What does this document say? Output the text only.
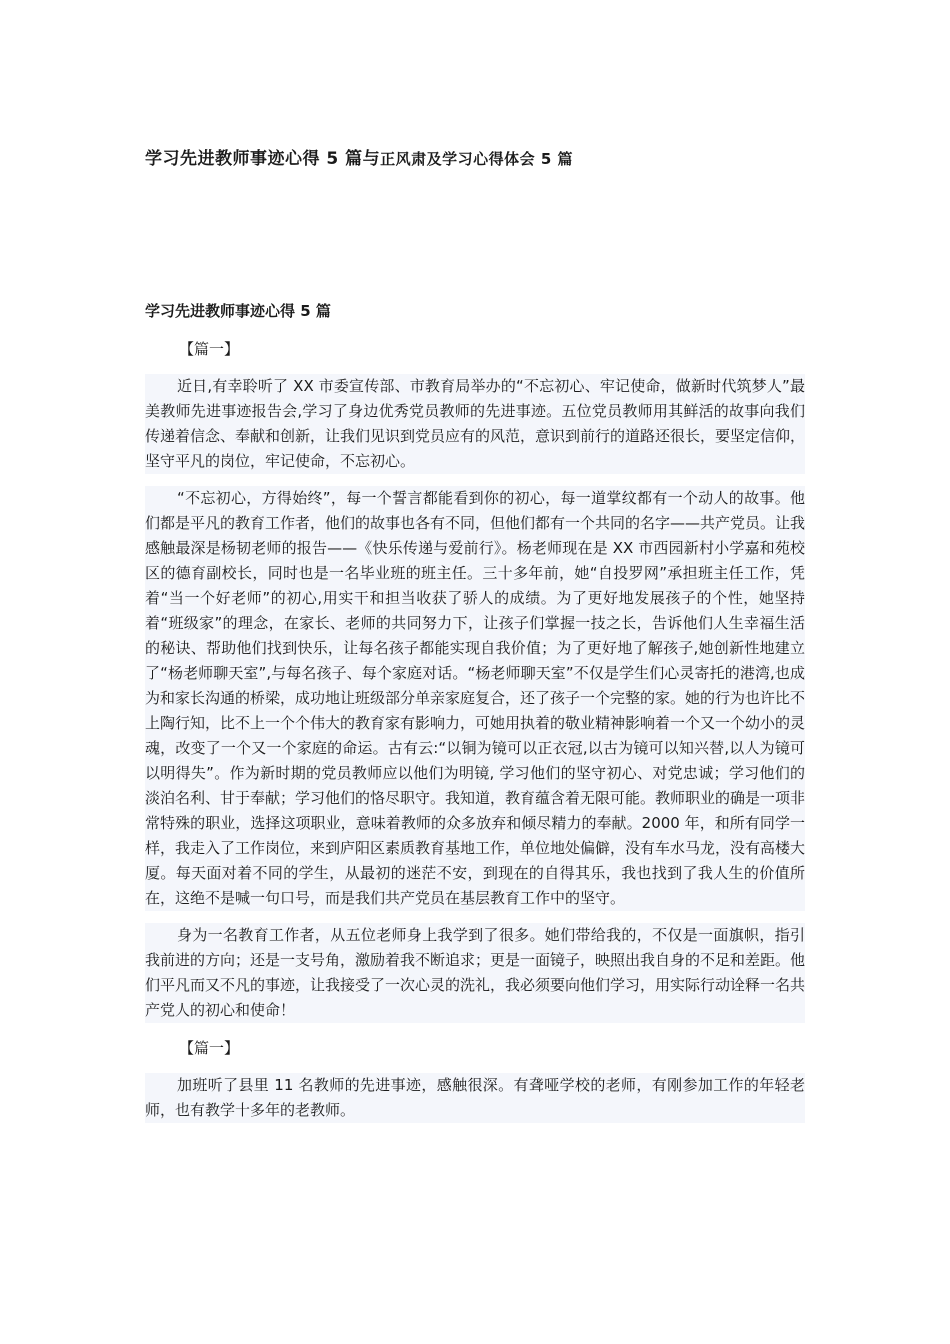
学习先进教师事迹心得 5 篇与正风肃及学习心得体会 5 篇
学习先进教师事迹心得 5 篇
【篇一】

近日,有幸聆听了 XX 市委宣传部、市教育局举办的“不忘初心、牢记使命，做新时代筑梦人”最美教师先进事迹报告会,学习了身边优秀党员教师的先进事迹。五位党员教师用其鲜活的故事向我们传递着信念、奉献和创新，让我们见识到党员应有的风范，意识到前行的道路还很长，要坚定信仰，坚守平凡的岗位，牢记使命，不忘初心。

“不忘初心，方得始终”，每一个誓言都能看到你的初心，每一道掌纹都有一个动人的故事。他们都是平凡的教育工作者，他们的故事也各有不同，但他们都有一个共同的名字——共产党员。让我感触最深是杨韧老师的报告——《快乐传递与爱前行》。杨老师现在是 XX 市西园新村小学嘉和苑校区的德育副校长，同时也是一名毕业班的班主任。三十多年前，她“自投罗网”承担班主任工作，凭着“当一个好老师”的初心,用实干和担当收获了骄人的成绩。为了更好地发展孩子的个性，她坚持着“班级家”的理念，在家长、老师的共同努力下，让孩子们掌握一技之长，告诉他们人生幸福生活的秘诀、帮助他们找到快乐，让每名孩子都能实现自我价值；为了更好地了解孩子,她创新性地建立了“杨老师聊天室”,与每名孩子、每个家庭对话。“杨老师聊天室”不仅是学生们心灵寄托的港湾,也成为和家长沟通的桥梁，成功地让班级部分单亲家庭复合，还了孩子一个完整的家。她的行为也许比不上陶行知，比不上一个个伟大的教育家有影响力，可她用执着的敬业精神影响着一个又一个幼小的灵魂，改变了一个又一个家庭的命运。古有云:“以铜为镜可以正衣冠,以古为镜可以知兴替,以人为镜可以明得失”。作为新时期的党员教师应以他们为明镜, 学习他们的坚守初心、对党忠诚；学习他们的淡泊名利、甘于奉献；学习他们的恪尽职守。我知道，教育蕴含着无限可能。教师职业的确是一项非常特殊的职业，选择这项职业，意味着教师的众多放弃和倾尽精力的奉献。2000 年，和所有同学一样，我走入了工作岗位，来到庐阳区素质教育基地工作，单位地处偏僻，没有车水马龙，没有高楼大厦。每天面对着不同的学生，从最初的迷茫不安，到现在的自得其乐，我也找到了我人生的价值所在，这绝不是喊一句口号，而是我们共产党员在基层教育工作中的坚守。

身为一名教育工作者，从五位老师身上我学到了很多。她们带给我的，不仅是一面旗帜，指引我前进的方向；还是一支号角，激励着我不断追求；更是一面镜子，映照出我自身的不足和差距。他们平凡而又不凡的事迹，让我接受了一次心灵的洗礼，我必须要向他们学习，用实际行动诠释一名共产党人的初心和使命！

【篇一】

加班听了县里 11 名教师的先进事迹，感触很深。有聋哑学校的老师，有刚参加工作的年轻老师，也有教学十多年的老教师。
